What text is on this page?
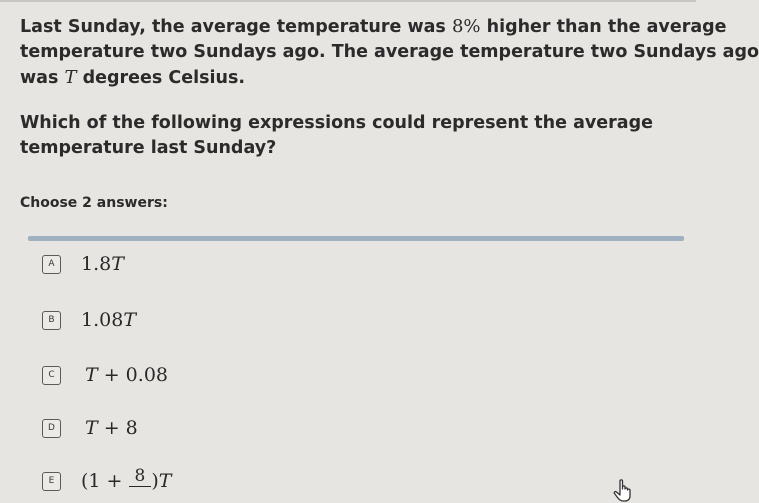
Last Sunday, the average temperature was 8% higher than the average

temperature two Sundays ago. The average temperature two Sundays ago

was T degrees Celsius.

Which of the following expressions could represent the average

temperature last Sunday?

Choose 2 answers:
A	1.8T
B	1.08T
C	T + 0.08
D	T + 8
E	(1 + 8 )T
